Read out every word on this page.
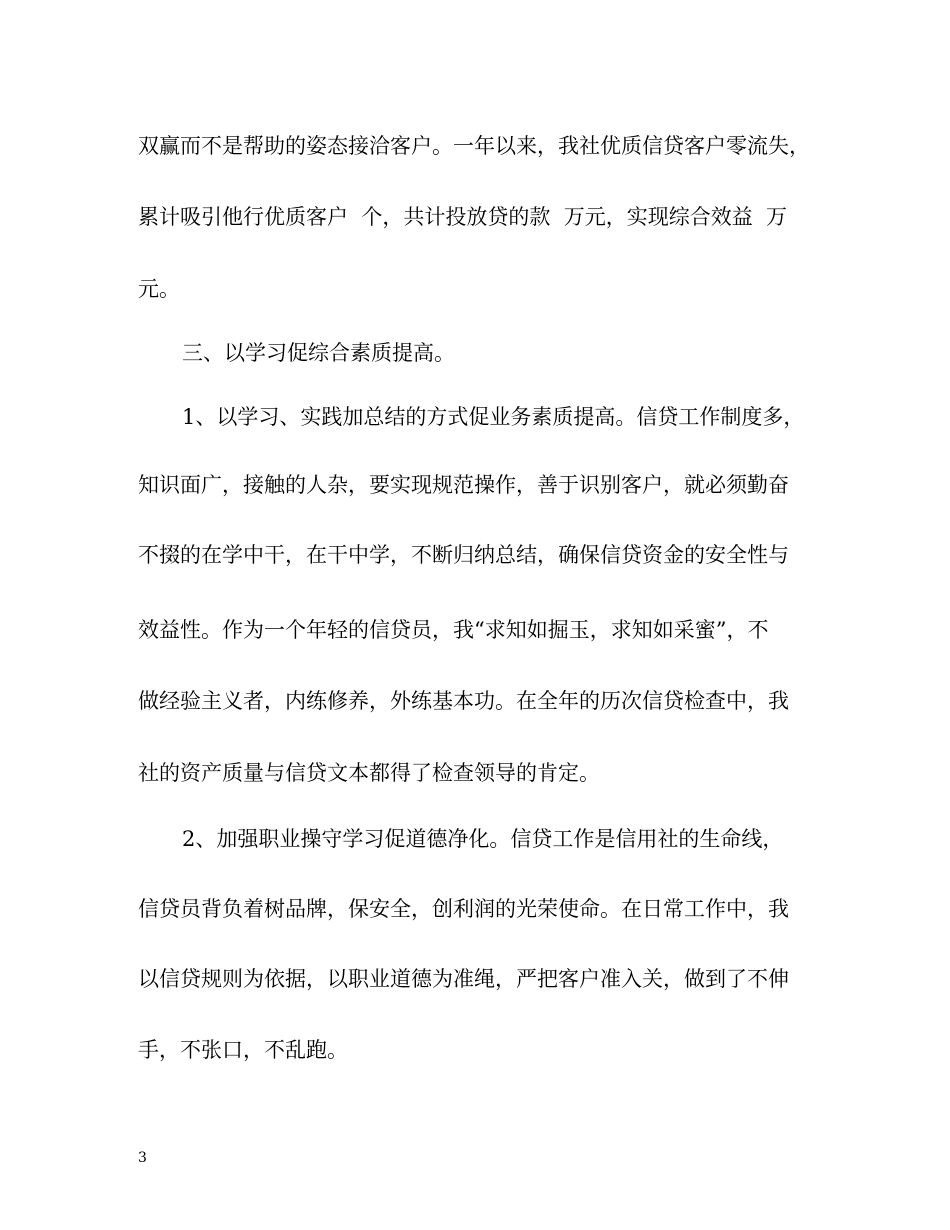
双赢而不是帮助的姿态接洽客户。一年以来，我社优质信贷客户零流失，
累计吸引他行优质客户  个，共计投放贷的款  万元，实现综合效益  万
元。
三、以学习促综合素质提高。
1、以学习、实践加总结的方式促业务素质提高。信贷工作制度多，
知识面广，接触的人杂，要实现规范操作，善于识别客户，就必须勤奋
不掇的在学中干，在干中学，不断归纳总结，确保信贷资金的安全性与
效益性。作为一个年轻的信贷员，我“求知如掘玉，求知如采蜜”，不
做经验主义者，内练修养，外练基本功。在全年的历次信贷检查中，我
社的资产质量与信贷文本都得了检查领导的肯定。
2、加强职业操守学习促道德净化。信贷工作是信用社的生命线，
信贷员背负着树品牌，保安全，创利润的光荣使命。在日常工作中，我
以信贷规则为依据，以职业道德为准绳，严把客户准入关，做到了不伸
手，不张口，不乱跑。
3
